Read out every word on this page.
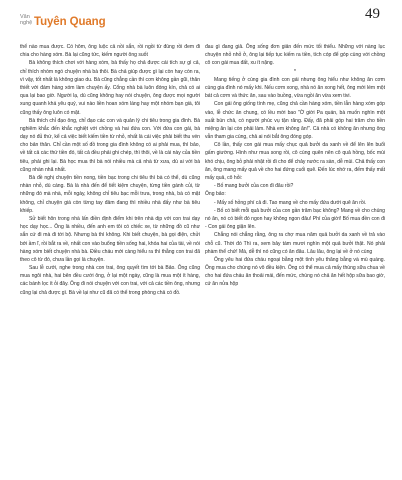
Văn nghệ Tuyên Quang	49

thể nào mua được. Có hôm, ông luộc cả nồi sắn, rồi ngồi từ đúng rồi đem đi chia cho hàng xóm. Bà lại cũng tức, kiếm người ông suốt

Bà không thích chơi với hàng xóm, bà thấy họ chả được cái tích sự gì cả, chỉ thích nhòm ngó chuyện nhà bà thôi. Bà chả giúp được gì lại còn hay còn ra, vì vậy, tốt nhất là không giao du. Bà cũng chẳng cần thì cơn không gần gũi, thân thiết với đám hàng xóm làm chuyện ấy. Cổng nhà bà luôn đóng kín, chả có ai qua lại bao giờ. Người lạ, dù cũng không hay nói chuyện, ông được mọi người xung quanh khá yêu quý, vui nào liền hoan xóm láng hay một nhóm bạn già, tôi cũng thấy ông luôn có mặt.

Bà thích chỉ đạo ông, chỉ đạo các con và quản lý chi tiêu trong gia đình. Bà nghiêm khắc đến khắc nghiệt với chồng và hai đứa con. Với đứa con gái, bà dạy nó đủ thứ, kể cả việc biết kiếm tiền từ nhỏ, nhất là cái việc phải biết thu vén cho bản thân. Chỉ cần một số đồ trong gia đình không có ai phải mua, thì bảo, về tất cả các thứ tiền đó, tất cả đều phải ghi chép, thì thôi, về là cái này của tiền tiêu, phải ghi lại. Bà học mua thì bà nói nhiều mà cả nhà từ xưa, dù ai với bà cũng nhàn nhã nhất.

Bà đề nghị chuyện tiền nong, tiền bạc trong chi tiêu thì bà có thể, dù cũng nhàn nhỏ, dù cáng. Bà là nhà đến để tiết kiệm chuyện, từng tiền gánh củi, từ những đó mà nhà, mỗi ngày, không chỉ tiêu bạc mỗi trưa, trong nhà, bà có mặt không, chỉ chuyện giá còn từng tay đảm đang thì nhiều nhà đấy như bà tiêu khiếp.

Sử biết hôn trong nhà lấn điền định điểm khi trên nhà dịp với con trai dạy học dạy học... Ông là nhiều, đến anh em tôi có chiếc xe, từ những đồ cũ như sắn cứ đi mà đi tới bộ. Nhưng bà thì không. Khi biết chuyện, bà gọi điện, chửi bới ầm ĩ, rồi bắt ra về, nhất con vào buổng tiền sống hai, khóa hai của tài, về nói hàng xóm biết chuyện nhà bà. Điều cháu mới càng hiểu ra thì thằng con trai đã theo cô từ đó, chưa lần gọi là chuyện.

Sau lễ cưới, nghe trong nhà con trai, ông quyết tìm tới bà Bảo. Ông cũng mua ngôi nhà, hai bên đều cưới ông, ở lại một ngày, cũng là mua một ít hàng, các bánh lọc ít ỏi đây. Ông đi nói chuyện với con trai, với cả các tiền ông, nhưng cũng lại chả được gì. Bà về lại như cũ đã có thể trong phòng chả có đồ.

đau gì đang giả. Ông sống đơn giản đến mức tối thiểu. Những với nàng lục chuyện nhỏ nhỏ ở, ông lại tiếp tục kiếm ra tiền, tích cóp để góp cùng với chồng cô con gái mua đất, xu ít nặng.

*

Mang tiếng ở cùng gia đình con gái nhưng ông hiểu như không ăn cơm cùng gia đình nó mấy khi. Nếu cơm xong, nhà nó ăn xong hết, ông mới lém một bát cả cơm và thức ăn, sau vào buồng, vừa ngồi ăn vừa xem tivi.

Con gái ông giống tính mẹ, cũng chả cần hàng xóm, tiền lẫn hàng xóm góp vào, lễ chức ăn chung, có lều mời bao "Ờ giời Pa quán, bà muốn nghìn một suất bún chả, có người phúc vụ tận răng. Đấy, đã phải góp hai trăm cho tiền miệng ăn lại còn phải làm. Nhà em không ăn!". Cả nhà có không ăn nhưng ông vẫn tham gia cùng, chả ai nói bắt ông đóng góp.

Cô lần, thấy con gái mua mấy chục quả bưởi da xanh về để lên lên buổi gấm giường. Hình như mua song rồi, cô cùng quên nên cô quả hồng, bốc mùi khó chịu, ông bỏ phải nhặt rồi đi cho để chảy nước ra sàn, dễ mùi. Chả thấy con ăn, ông mang mấy quả về cho hai đứng cuối quê. Đến lúc nhớ ra, đếm thấy mất mấy quả, cô hỏi:

- Bố mang bưởi của con đi đâu rồi?

Ông bảo:

- Mấy số hỏng phí cả đi. Tao mang về cho mấy đứa dưới quê ăn rồi.

- Bố có biết mỗi quả bưởi của con gần trăm bạc không? Mang về cho chúng nó ăn, nó có biết đó ngon hay không ngon đâu! Phí của giời! Bố mua đền con đi - Con gái ông giận lên.

Chẳng nói chẳng rằng, ông ra chợ mua năm quả bưởi da xanh về trả vào chỗ cũ. Thời đó Thì ra, xem bảy tám mươi nghìn một quả bưởi thật. Nó phải phàm thể chứ! Mà, dễ thì nó cũng có ăn đâu. Lâu lâu, ông lại về ở nó cùng

Ông yêu hai đứa cháu ngoại bằng một tình yêu thăng bằng và mù quáng. Ông mua cho chúng nó vô đều kiện. Ông có thể mua cả mấy thùng sữa chua về cho hai đứa cháu ăn thoải mái, đến mức, chúng nó chả ăn hết hộp sữa bao giờ, cứ ăn nửa hộp
